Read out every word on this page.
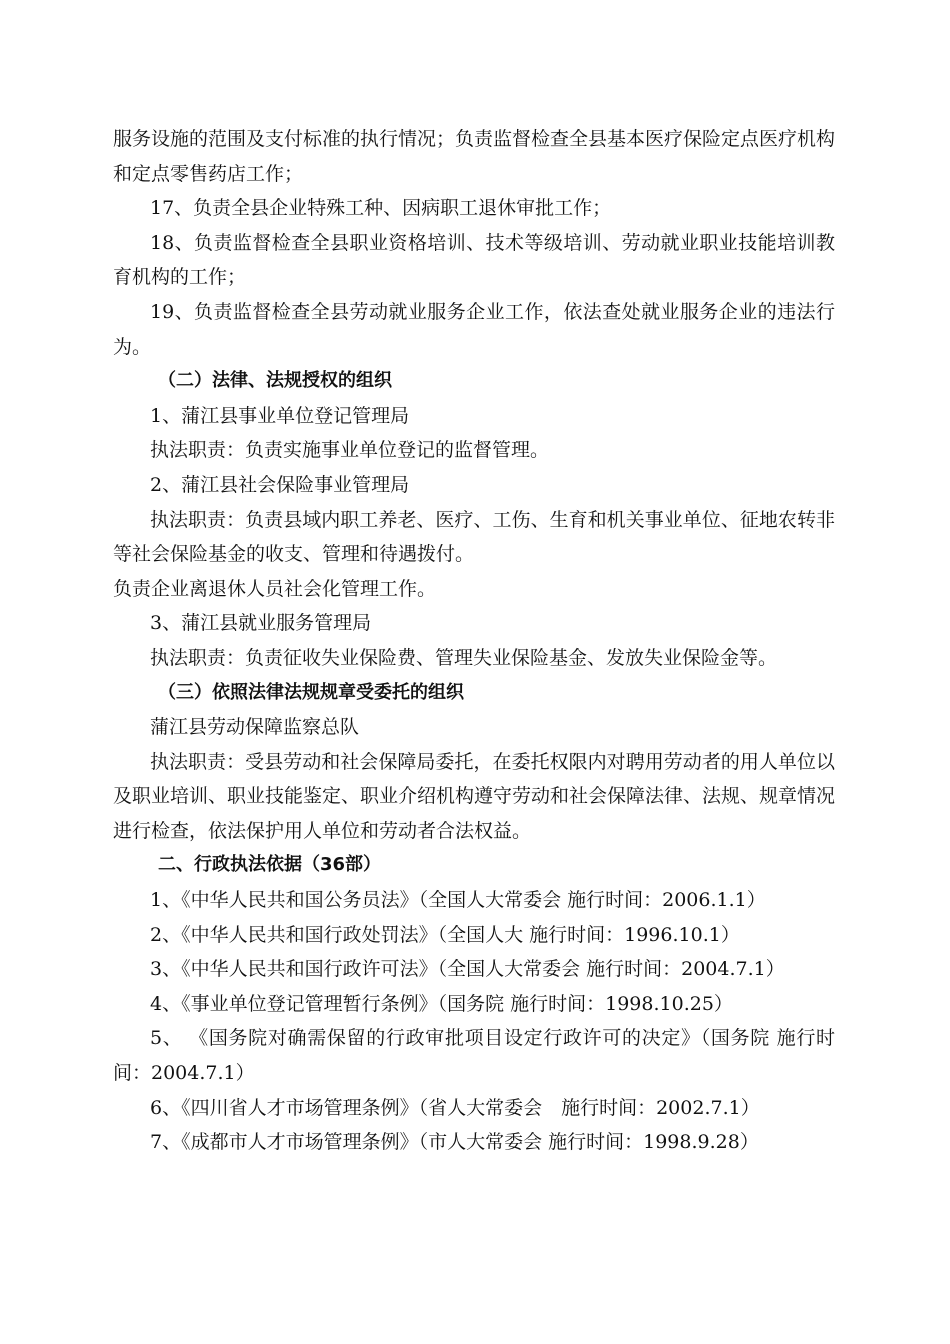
服务设施的范围及支付标准的执行情况；负责监督检查全县基本医疗保险定点医疗机构和定点零售药店工作；

17、负责全县企业特殊工种、因病职工退休审批工作；

18、负责监督检查全县职业资格培训、技术等级培训、劳动就业职业技能培训教育机构的工作；

19、负责监督检查全县劳动就业服务企业工作，依法查处就业服务企业的违法行为。

（二）法律、法规授权的组织

1、蒲江县事业单位登记管理局

执法职责：负责实施事业单位登记的监督管理。

2、蒲江县社会保险事业管理局

执法职责：负责县域内职工养老、医疗、工伤、生育和机关事业单位、征地农转非等社会保险基金的收支、管理和待遇拨付。

负责企业离退休人员社会化管理工作。

3、蒲江县就业服务管理局

执法职责：负责征收失业保险费、管理失业保险基金、发放失业保险金等。

（三）依照法律法规规章受委托的组织

蒲江县劳动保障监察总队

执法职责：受县劳动和社会保障局委托，在委托权限内对聘用劳动者的用人单位以及职业培训、职业技能鉴定、职业介绍机构遵守劳动和社会保障法律、法规、规章情况进行检查，依法保护用人单位和劳动者合法权益。

二、行政执法依据（36部）

1、《中华人民共和国公务员法》（全国人大常委会 施行时间：2006.1.1）

2、《中华人民共和国行政处罚法》（全国人大 施行时间：1996.10.1）

3、《中华人民共和国行政许可法》（全国人大常委会 施行时间：2004.7.1）

4、《事业单位登记管理暂行条例》（国务院 施行时间：1998.10.25）

5、 《国务院对确需保留的行政审批项目设定行政许可的决定》（国务院 施行时间：2004.7.1）

6、《四川省人才市场管理条例》（省人大常委会　施行时间：2002.7.1）

7、《成都市人才市场管理条例》（市人大常委会 施行时间：1998.9.28）
